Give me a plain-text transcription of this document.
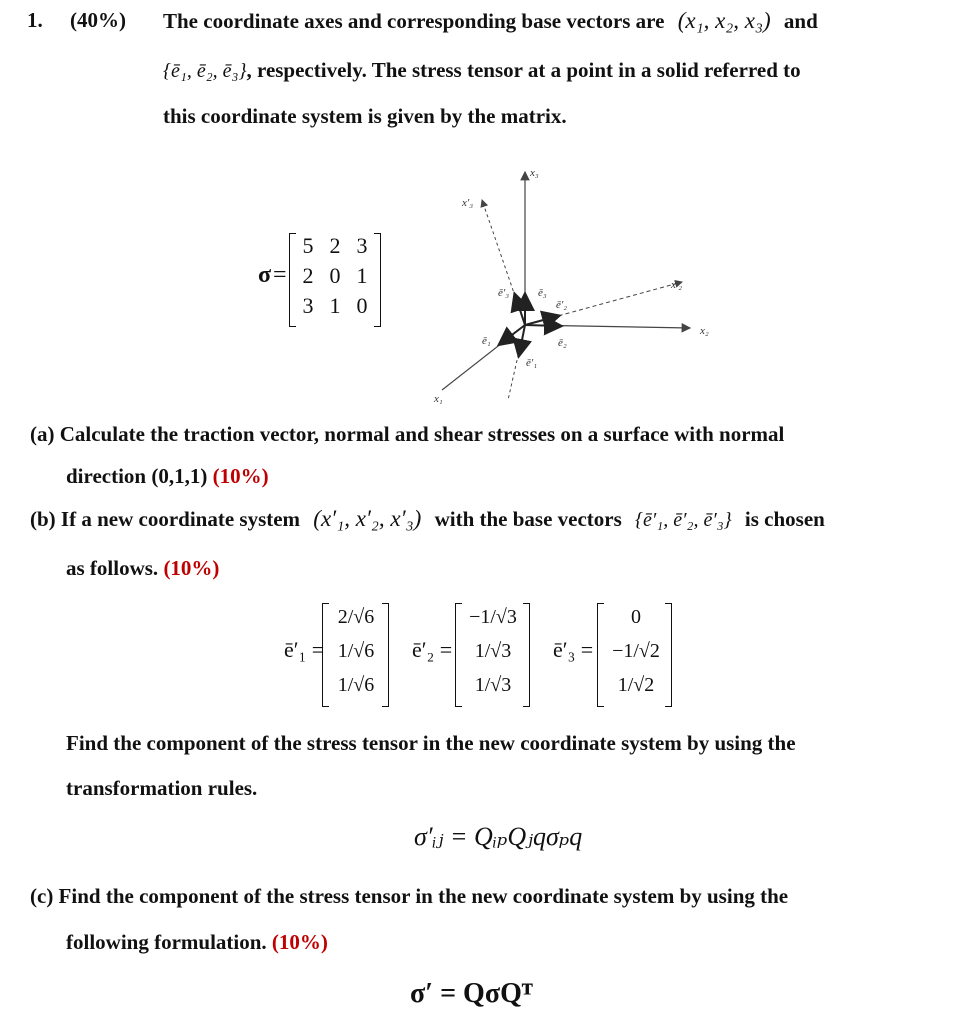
1. (40%) The coordinate axes and corresponding base vectors are (x₁, x₂, x₃) and
{ē₁, ē₂, ē₃}, respectively. The stress tensor at a point in a solid referred to
this coordinate system is given by the matrix.
σ =
5 2 3
2 0 1
3 1 0
x₃
x′₃
x′₂
x₂
x₁
ē′₃	ē₃
ē′₂
ē₂
ē₁
ē′₁
(a) Calculate the traction vector, normal and shear stresses on a surface with normal
direction (0,1,1) (10%)
(b) If a new coordinate system (x′₁, x′₂, x′₃) with the base vectors {ē′₁, ē′₂, ē′₃} is chosen
as follows. (10%)
ē′₁ =
2/√6
1/√6
1/√6
ē′₂ =
−1/√3
1/√3
1/√3
ē′₃ =
0
−1/√2
1/√2
Find the component of the stress tensor in the new coordinate system by using the
transformation rules.
σ′ᵢⱼ = QᵢₚQⱼqσₚq
(c) Find the component of the stress tensor in the new coordinate system by using the
following formulation. (10%)
σ′ = QσQᵀ
